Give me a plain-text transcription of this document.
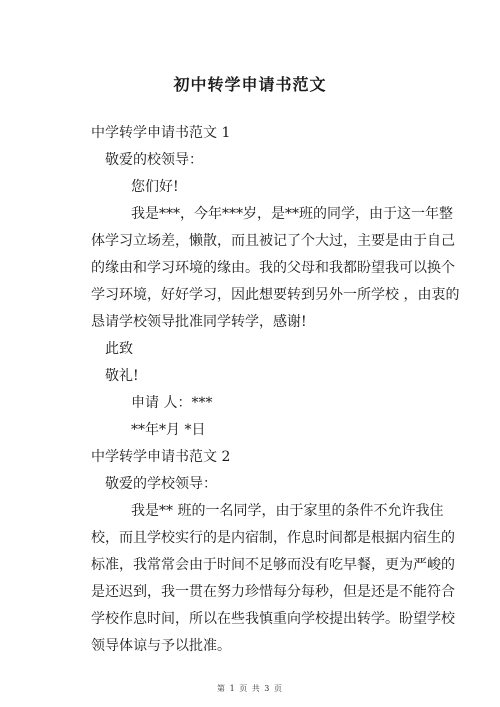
初中转学申请书范文
中学转学申请书范文 1
敬爱的校领导：
您们好!
我是***，今年***岁，是**班的同学，由于这一年整
体学习立场差，懒散，而且被记了个大过，主要是由于自己
的缘由和学习环境的缘由。我的父母和我都盼望我可以换个
学习环境，好好学习，因此想要转到另外一所学校 ，由衷的
恳请学校领导批准同学转学，感谢!
此致
敬礼!
申请 人：***
**年*月 *日
中学转学申请书范文 2
敬爱的学校领导：
我是** 班的一名同学，由于家里的条件不允许我住
校，而且学校实行的是内宿制，作息时间都是根据内宿生的
标准，我常常会由于时间不足够而没有吃早餐，更为严峻的
是还迟到，我一贯在努力珍惜每分每秒，但是还是不能符合
学校作息时间，所以在些我慎重向学校提出转学。盼望学校
领导体谅与予以批准。
第 1 页 共 3 页
